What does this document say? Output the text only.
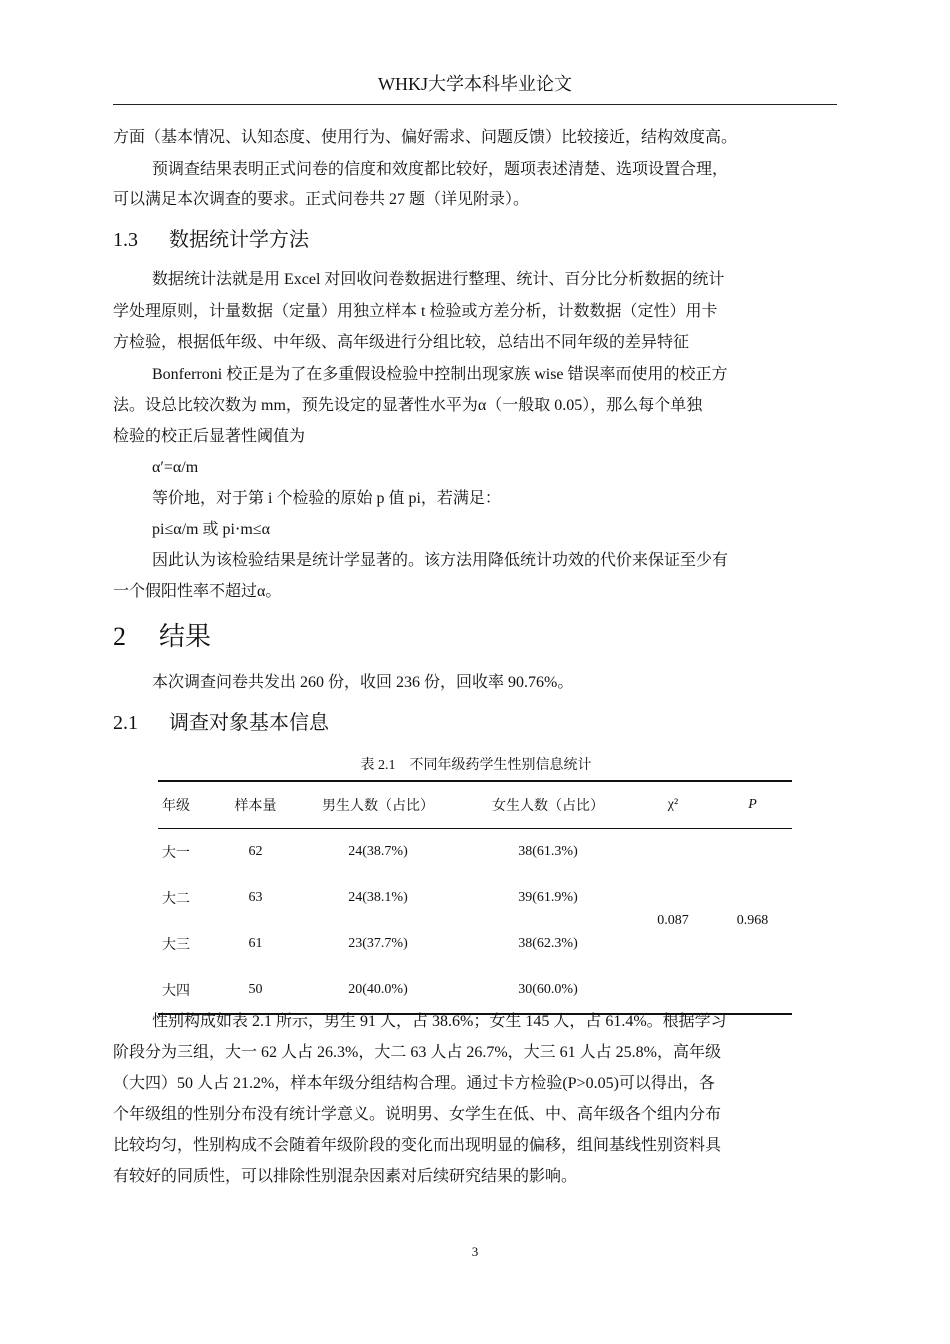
WHKJ大学本科毕业论文
方面（基本情况、认知态度、使用行为、偏好需求、问题反馈）比较接近，结构效度高。
预调查结果表明正式问卷的信度和效度都比较好，题项表述清楚、选项设置合理，
可以满足本次调查的要求。正式问卷共 27 题（详见附录）。
1.3 数据统计学方法
数据统计法就是用 Excel 对回收问卷数据进行整理、统计、百分比分析数据的统计
学处理原则，计量数据（定量）用独立样本 t 检验或方差分析，计数数据（定性）用卡
方检验，根据低年级、中年级、高年级进行分组比较，总结出不同年级的差异特征
Bonferroni 校正是为了在多重假设检验中控制出现家族 wise 错误率而使用的校正方
法。设总比较次数为 mm，预先设定的显著性水平为α（一般取 0.05），那么每个单独
检验的校正后显著性阈值为
α′=α/m
等价地，对于第 i 个检验的原始 p 值 pi，若满足：
pi≤α/m 或 pi⋅m≤α
因此认为该检验结果是统计学显著的。该方法用降低统计功效的代价来保证至少有
一个假阳性率不超过α。
2 结果
本次调查问卷共发出 260 份，收回 236 份，回收率 90.76%。
2.1 调查对象基本信息
表 2.1　不同年级药学生性别信息统计
年级	样本量	男生人数（占比）	女生人数（占比）	χ²	P
大一	62	24(38.7%)	38(61.3%)	0.087	0.968
大二	63	24(38.1%)	39(61.9%)		
大三	61	23(37.7%)	38(62.3%)		
大四	50	20(40.0%)	30(60.0%)		
性别构成如表 2.1 所示，男生 91 人，占 38.6%；女生 145 人，占 61.4%。根据学习
阶段分为三组，大一 62 人占 26.3%，大二 63 人占 26.7%，大三 61 人占 25.8%，高年级
（大四）50 人占 21.2%，样本年级分组结构合理。通过卡方检验(P>0.05)可以得出，各
个年级组的性别分布没有统计学意义。说明男、女学生在低、中、高年级各个组内分布
比较均匀，性别构成不会随着年级阶段的变化而出现明显的偏移，组间基线性别资料具
有较好的同质性，可以排除性别混杂因素对后续研究结果的影响。
3
